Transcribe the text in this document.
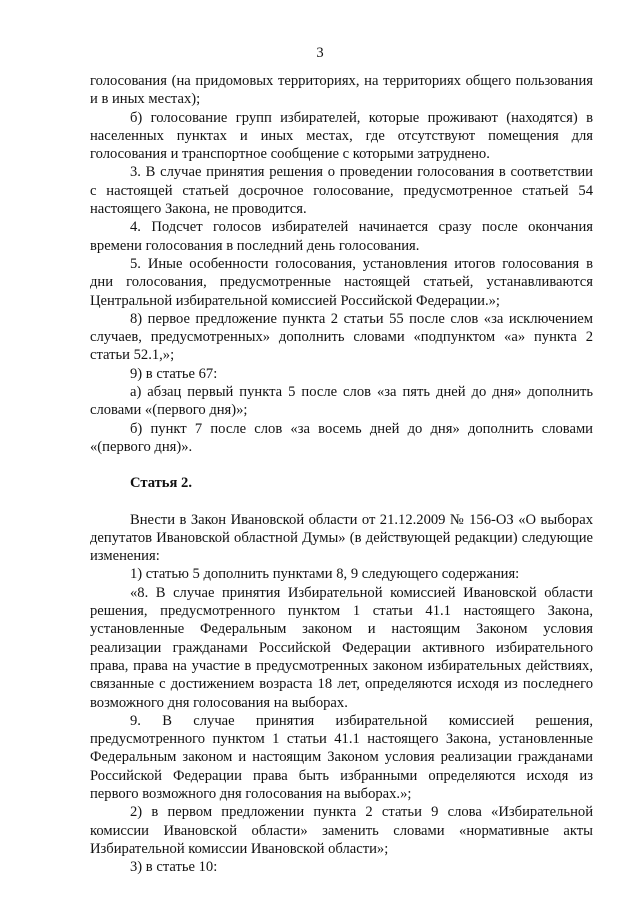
3

голосования (на придомовых территориях, на территориях общего пользования и в иных местах);

б) голосование групп избирателей, которые проживают (находятся) в населенных пунктах и иных местах, где отсутствуют помещения для голосования и транспортное сообщение с которыми затруднено.

3. В случае принятия решения о проведении голосования в соответствии с настоящей статьей досрочное голосование, предусмотренное статьей 54 настоящего Закона, не проводится.

4. Подсчет голосов избирателей начинается сразу после окончания времени голосования в последний день голосования.

5. Иные особенности голосования, установления итогов голосования в дни голосования, предусмотренные настоящей статьей, устанавливаются Центральной избирательной комиссией Российской Федерации.»;

8) первое предложение пункта 2 статьи 55 после слов «за исключением случаев, предусмотренных» дополнить словами «подпунктом «а» пункта 2 статьи 52.1,»;

9) в статье 67:

а) абзац первый пункта 5 после слов «за пять дней до дня» дополнить словами «(первого дня)»;

б) пункт 7 после слов «за восемь дней до дня» дополнить словами «(первого дня)».

Статья 2.

Внести в Закон Ивановской области от 21.12.2009 № 156-ОЗ «О выборах депутатов Ивановской областной Думы» (в действующей редакции) следующие изменения:

1) статью 5 дополнить пунктами 8, 9 следующего содержания:

«8. В случае принятия Избирательной комиссией Ивановской области решения, предусмотренного пунктом 1 статьи 41.1 настоящего Закона, установленные Федеральным законом и настоящим Законом условия реализации гражданами Российской Федерации активного избирательного права, права на участие в предусмотренных законом избирательных действиях, связанные с достижением возраста 18 лет, определяются исходя из последнего возможного дня голосования на выборах.

9. В случае принятия избирательной комиссией решения, предусмотренного пунктом 1 статьи 41.1 настоящего Закона, установленные Федеральным законом и настоящим Законом условия реализации гражданами Российской Федерации права быть избранными определяются исходя из первого возможного дня голосования на выборах.»;

2) в первом предложении пункта 2 статьи 9 слова «Избирательной комиссии Ивановской области» заменить словами «нормативные акты Избирательной комиссии Ивановской области»;

3) в статье 10:
